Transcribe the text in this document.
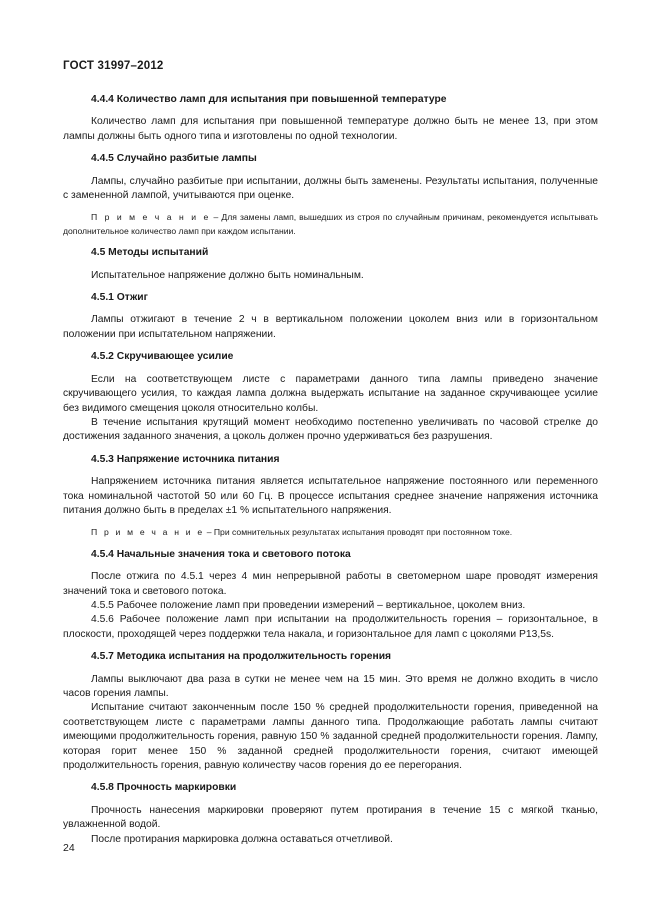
ГОСТ 31997–2012
4.4.4 Количество ламп для испытания при повышенной температуре

Количество ламп для испытания при повышенной температуре должно быть не менее 13, при этом лампы должны быть одного типа и изготовлены по одной технологии.

4.4.5 Случайно разбитые лампы

Лампы, случайно разбитые при испытании, должны быть заменены. Результаты испытания, полученные с замененной лампой, учитываются при оценке.

П р и м е ч а н и е – Для замены ламп, вышедших из строя по случайным причинам, рекомендуется испытывать дополнительное количество ламп при каждом испытании.

4.5 Методы испытаний

Испытательное напряжение должно быть номинальным.

4.5.1 Отжиг

Лампы отжигают в течение 2 ч в вертикальном положении цоколем вниз или в горизонтальном положении при испытательном напряжении.

4.5.2 Скручивающее усилие

Если на соответствующем листе с параметрами данного типа лампы приведено значение скручивающего усилия, то каждая лампа должна выдержать испытание на заданное скручивающее усилие без видимого смещения цоколя относительно колбы.

В течение испытания крутящий момент необходимо постепенно увеличивать по часовой стрелке до достижения заданного значения, а цоколь должен прочно удерживаться без разрушения.

4.5.3 Напряжение источника питания

Напряжением источника питания является испытательное напряжение постоянного или переменного тока номинальной частотой 50 или 60 Гц. В процессе испытания среднее значение напряжения источника питания должно быть в пределах ±1 % испытательного напряжения.

П р и м е ч а н и е – При сомнительных результатах испытания проводят при постоянном токе.

4.5.4 Начальные значения тока и светового потока

После отжига по 4.5.1 через 4 мин непрерывной работы в светомерном шаре проводят измерения значений тока и светового потока.

4.5.5 Рабочее положение ламп при проведении измерений – вертикальное, цоколем вниз.

4.5.6 Рабочее положение ламп при испытании на продолжительность горения – горизонтальное, в плоскости, проходящей через поддержки тела накала, и горизонтальное для ламп с цоколями P13,5s.

4.5.7 Методика испытания на продолжительность горения

Лампы выключают два раза в сутки не менее чем на 15 мин. Это время не должно входить в число часов горения лампы.

Испытание считают законченным после 150 % средней продолжительности горения, приведенной на соответствующем листе с параметрами лампы данного типа. Продолжающие работать лампы считают имеющими продолжительность горения, равную 150 % заданной средней продолжительности горения. Лампу, которая горит менее 150 % заданной средней продолжительности горения, считают имеющей продолжительность горения, равную количеству часов горения до ее перегорания.

4.5.8 Прочность маркировки

Прочность нанесения маркировки проверяют путем протирания в течение 15 с мягкой тканью, увлажненной водой.

После протирания маркировка должна оставаться отчетливой.

24
